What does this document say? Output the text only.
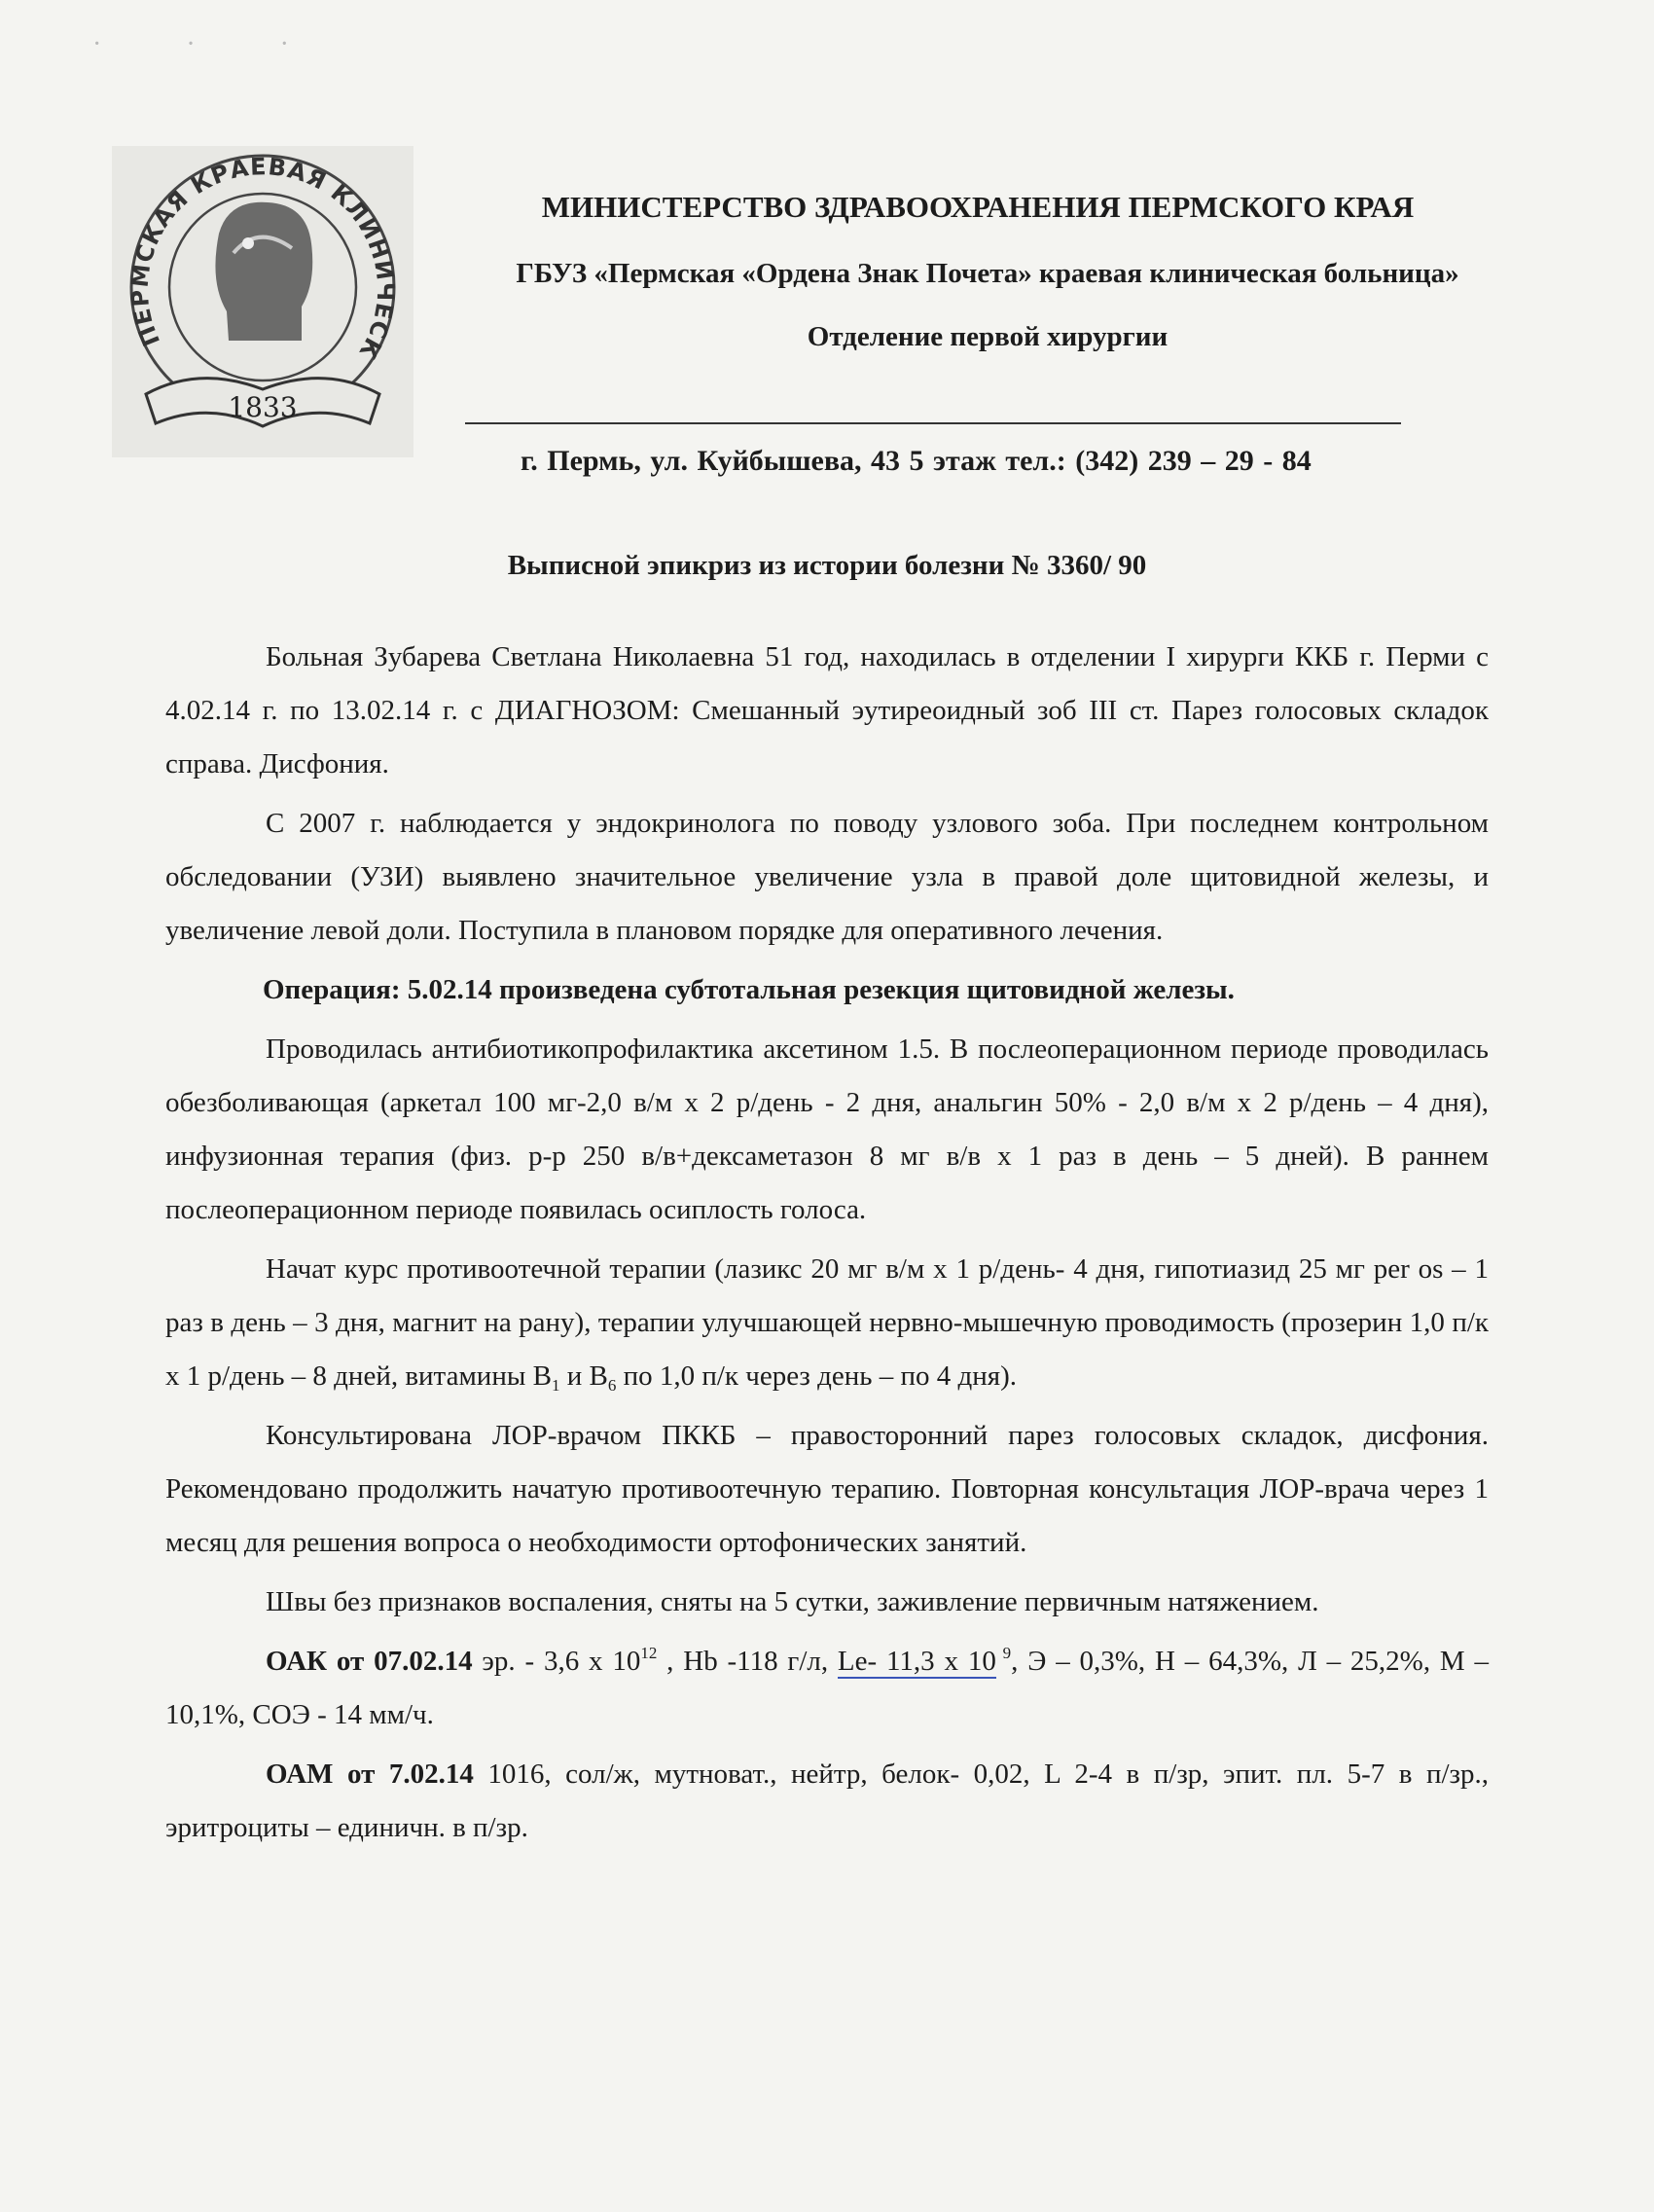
· · ·
ПЕРМСКАЯ КРАЕВАЯ КЛИНИЧЕСК
1833
МИНИСТЕРСТВО ЗДРАВООХРАНЕНИЯ ПЕРМСКОГО КРАЯ
ГБУЗ «Пермская «Ордена Знак Почета» краевая клиническая больница»
Отделение первой хирургии
г. Пермь, ул. Куйбышева, 43 5 этаж тел.: (342) 239 – 29 - 84
Выписной эпикриз из истории болезни № 3360/ 90

Больная Зубарева Светлана Николаевна 51 год, находилась в отделении I хирурги ККБ г. Перми с 4.02.14 г. по 13.02.14 г. с ДИАГНОЗОМ: Смешанный эутиреоидный зоб III ст. Парез голосовых складок справа. Дисфония.

С 2007 г. наблюдается у эндокринолога по поводу узлового зоба. При последнем контрольном обследовании (УЗИ) выявлено значительное увеличение узла в правой доле щитовидной железы, и увеличение левой доли. Поступила в плановом порядке для оперативного лечения.

Операция: 5.02.14 произведена субтотальная резекция щитовидной железы.

Проводилась антибиотикопрофилактика аксетином 1.5. В послеоперационном периоде проводилась обезболивающая (аркетал 100 мг-2,0 в/м х 2 р/день - 2 дня, анальгин 50% - 2,0 в/м х 2 р/день – 4 дня), инфузионная терапия (физ. р-р 250 в/в+дексаметазон 8 мг в/в х 1 раз в день – 5 дней). В раннем послеоперационном периоде появилась осиплость голоса.

Начат курс противоотечной терапии (лазикс 20 мг в/м х 1 р/день- 4 дня, гипотиазид 25 мг per os – 1 раз в день – 3 дня, магнит на рану), терапии улучшающей нервно-мышечную проводимость (прозерин 1,0 п/к х 1 р/день – 8 дней, витамины $B_1$ и $B_6$ по 1,0 п/к через день – по 4 дня).

Консультирована ЛОР-врачом ПККБ – правосторонний парез голосовых складок, дисфония. Рекомендовано продолжить начатую противоотечную терапию. Повторная консультация ЛОР-врача через 1 месяц для решения вопроса о необходимости ортофонических занятий.

Швы без признаков воспаления, сняты на 5 сутки, заживление первичным натяжением.

ОАК от 07.02.14 эр. - 3,6 х $10^{12}$ , Hb -118 г/л, Le- 11,3 х 10 $^9$, Э – 0,3%, Н – 64,3%, Л – 25,2%, М – 10,1%, СОЭ - 14 мм/ч.

ОАМ от 7.02.14 1016, сол/ж, мутноват., нейтр, белок- 0,02, L 2-4 в п/зр, эпит. пл. 5-7 в п/зр., эритроциты – единичн. в п/зр.
